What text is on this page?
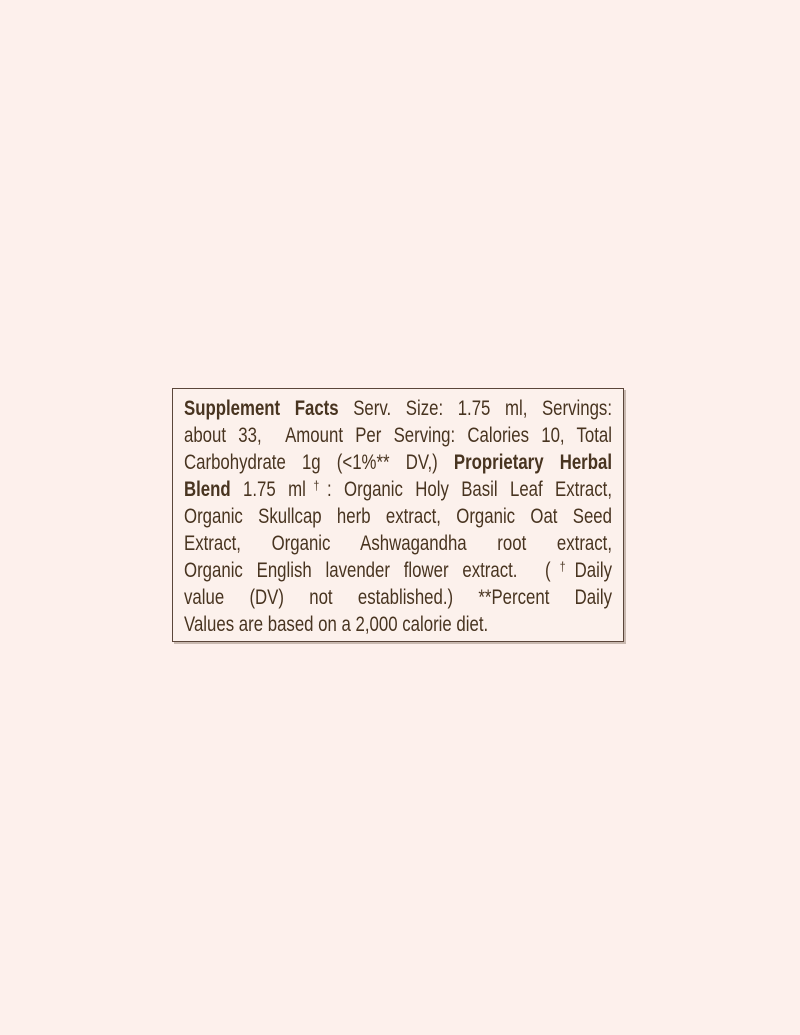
Supplement Facts Serv. Size: 1.75 ml, Servings:
about 33,  Amount Per Serving: Calories 10, Total
Carbohydrate 1g (<1%** DV,) Proprietary Herbal
Blend 1.75 ml†: Organic Holy Basil Leaf Extract,
Organic Skullcap herb extract, Organic Oat Seed
Extract, Organic Ashwagandha root extract,
Organic English lavender flower extract.  (†Daily
value (DV) not established.) **Percent Daily
Values are based on a 2,000 calorie diet.
